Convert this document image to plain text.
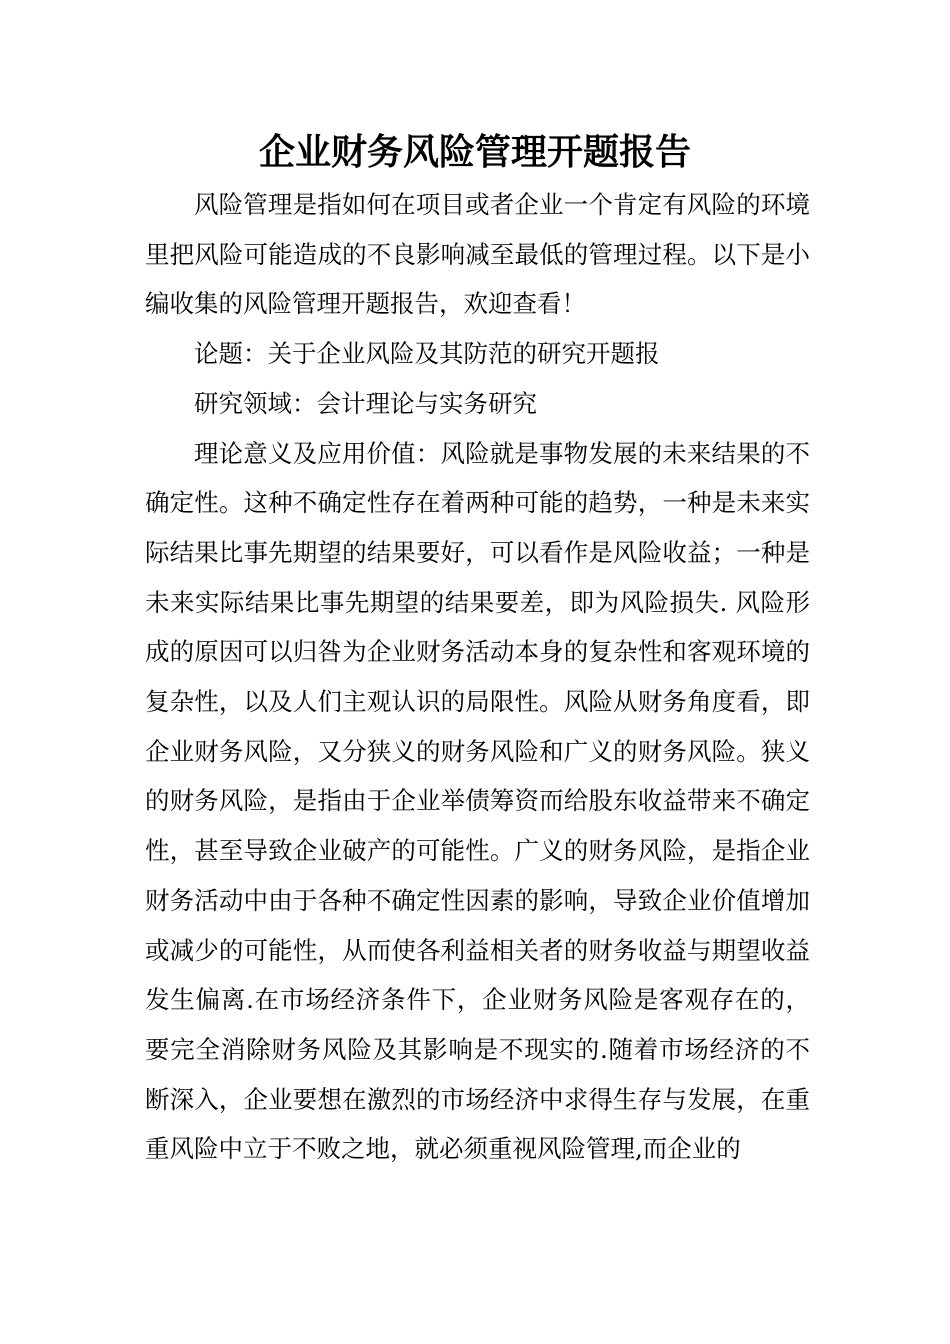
企业财务风险管理开题报告

风险管理是指如何在项目或者企业一个肯定有风险的环境里把风险可能造成的不良影响减至最低的管理过程。以下是小编收集的风险管理开题报告，欢迎查看！

论题：关于企业风险及其防范的研究开题报

研究领域：会计理论与实务研究

理论意义及应用价值：风险就是事物发展的未来结果的不确定性。这种不确定性存在着两种可能的趋势，一种是未来实际结果比事先期望的结果要好，可以看作是风险收益；一种是未来实际结果比事先期望的结果要差，即为风险损失. 风险形成的原因可以归咎为企业财务活动本身的复杂性和客观环境的复杂性，以及人们主观认识的局限性。风险从财务角度看，即企业财务风险，又分狭义的财务风险和广义的财务风险。狭义的财务风险，是指由于企业举债筹资而给股东收益带来不确定性，甚至导致企业破产的可能性。广义的财务风险，是指企业财务活动中由于各种不确定性因素的影响，导致企业价值增加或减少的可能性，从而使各利益相关者的财务收益与期望收益发生偏离.在市场经济条件下，企业财务风险是客观存在的，要完全消除财务风险及其影响是不现实的.随着市场经济的不断深入，企业要想在激烈的市场经济中求得生存与发展，在重重风险中立于不败之地，就必须重视风险管理,而企业的
